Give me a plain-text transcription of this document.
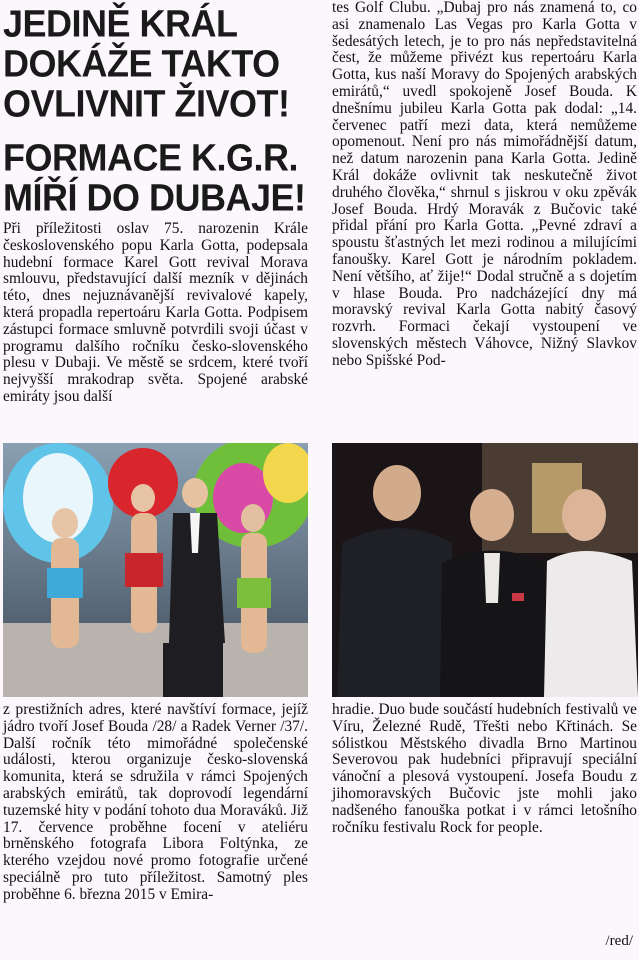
JEDINĚ KRÁL DOKÁŽE TAKTO OVLIVNIT ŽIVOT!
FORMACE K.G.R. MÍŘÍ DO DUBAJE!

Při příležitosti oslav 75. narozenin Krále československého popu Karla Gotta, podepsala hudební formace Karel Gott revival Morava smlouvu, představující další mezník v dějinách této, dnes nejuznávanější revivalové kapely, která propadla repertoáru Karla Gotta. Podpisem zástupci formace smluvně potvrdili svoji účast v programu dalšího ročníku česko-slovenského plesu v Dubaji. Ve městě se srdcem, které tvoří nejvyšší mrakodrap světa. Spojené arabské emiráty jsou další

z prestižních adres, které navštíví formace, jejíž jádro tvoří Josef Bouda /28/ a Radek Verner /37/. Další ročník této mimořádné společenské události, kterou organizuje česko-slovenská komunita, která se sdružila v rámci Spojených arabských emirátů, tak doprovodí legendární tuzemské hity v podání tohoto dua Moraváků. Již 17. července proběhne focení v ateliéru brněnského fotografa Libora Foltýnka, ze kterého vzejdou nové promo fotografie určené speciálně pro tuto příležitost. Samotný ples proběhne 6. března 2015 v Emira-

tes Golf Clubu. „Dubaj pro nás znamená to, co asi znamenalo Las Vegas pro Karla Gotta v šedesátých letech, je to pro nás nepředstavitelná čest, že můžeme přivézt kus repertoáru Karla Gotta, kus naší Moravy do Spojených arabských emirátů,“ uvedl spokojeně Josef Bouda. K dnešnímu jubileu Karla Gotta pak dodal: „14. červenec patří mezi data, která nemůžeme opomenout. Není pro nás mimořádnější datum, než datum narozenin pana Karla Gotta. Jedině Král dokáže ovlivnit tak neskutečně život druhého člověka,“ shrnul s jiskrou v oku zpěvák Josef Bouda. Hrdý Moravák z Bučovic také přidal přání pro Karla Gotta. „Pevné zdraví a spoustu šťastných let mezi rodinou a milujícími fanoušky. Karel Gott je národním pokladem. Není většího, ať žije!“ Dodal stručně a s dojetím v hlase Bouda. Pro nadcházející dny má moravský revival Karla Gotta nabitý časový rozvrh. Formaci čekají vystoupení ve slovenských městech Váhovce, Nižný Slavkov nebo Spišské Pod-

hradie. Duo bude součástí hudebních festivalů ve Víru, Železné Rudě, Třešti nebo Křtinách. Se sólistkou Městského divadla Brno Martinou Severovou pak hudebníci připravují speciální vánoční a plesová vystoupení. Josefa Boudu z jihomoravských Bučovic jste mohli jako nadšeného fanouška potkat i v rámci letošního ročníku festivalu Rock for people.

/red/
